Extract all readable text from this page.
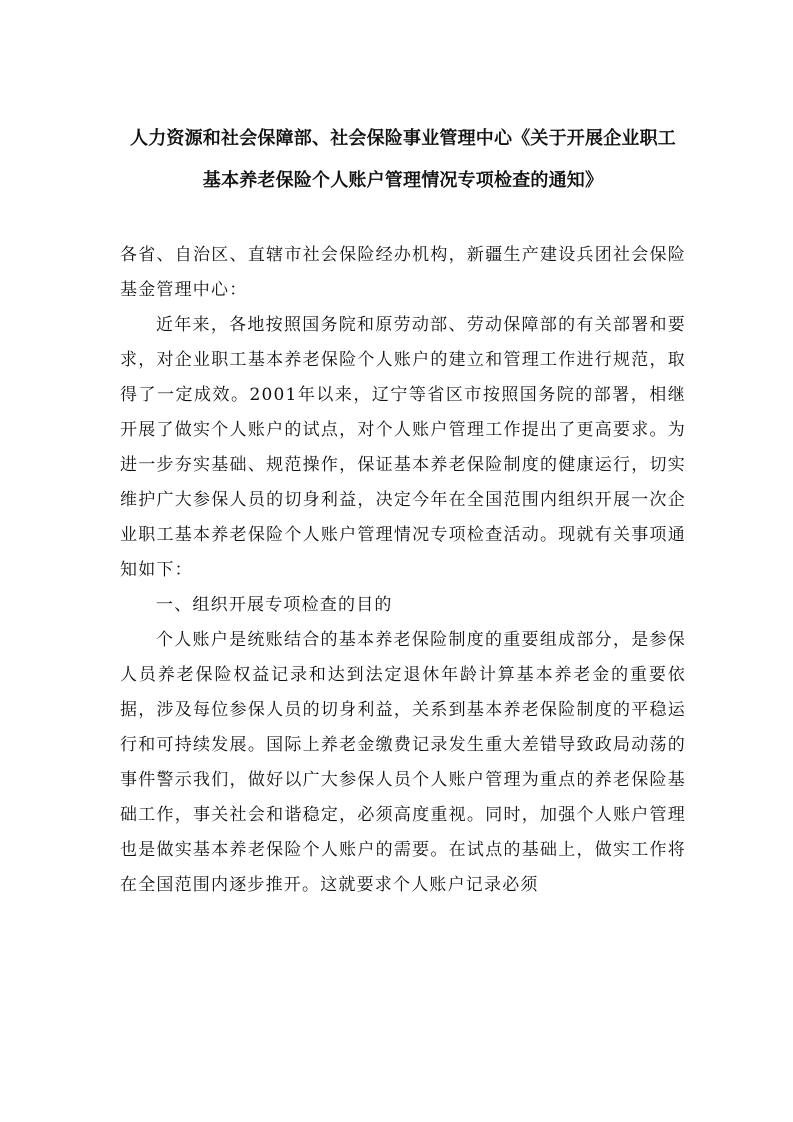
人力资源和社会保障部、社会保险事业管理中心《关于开展企业职工
基本养老保险个人账户管理情况专项检查的通知》

各省、自治区、直辖市社会保险经办机构，新疆生产建设兵团社会保险基金管理中心：

近年来，各地按照国务院和原劳动部、劳动保障部的有关部署和要求，对企业职工基本养老保险个人账户的建立和管理工作进行规范，取得了一定成效。2001年以来，辽宁等省区市按照国务院的部署，相继开展了做实个人账户的试点，对个人账户管理工作提出了更高要求。为进一步夯实基础、规范操作，保证基本养老保险制度的健康运行，切实维护广大参保人员的切身利益，决定今年在全国范围内组织开展一次企业职工基本养老保险个人账户管理情况专项检查活动。现就有关事项通知如下：

一、组织开展专项检查的目的

个人账户是统账结合的基本养老保险制度的重要组成部分，是参保人员养老保险权益记录和达到法定退休年龄计算基本养老金的重要依据，涉及每位参保人员的切身利益，关系到基本养老保险制度的平稳运行和可持续发展。国际上养老金缴费记录发生重大差错导致政局动荡的事件警示我们，做好以广大参保人员个人账户管理为重点的养老保险基础工作，事关社会和谐稳定，必须高度重视。同时，加强个人账户管理也是做实基本养老保险个人账户的需要。在试点的基础上，做实工作将在全国范围内逐步推开。这就要求个人账户记录必须
